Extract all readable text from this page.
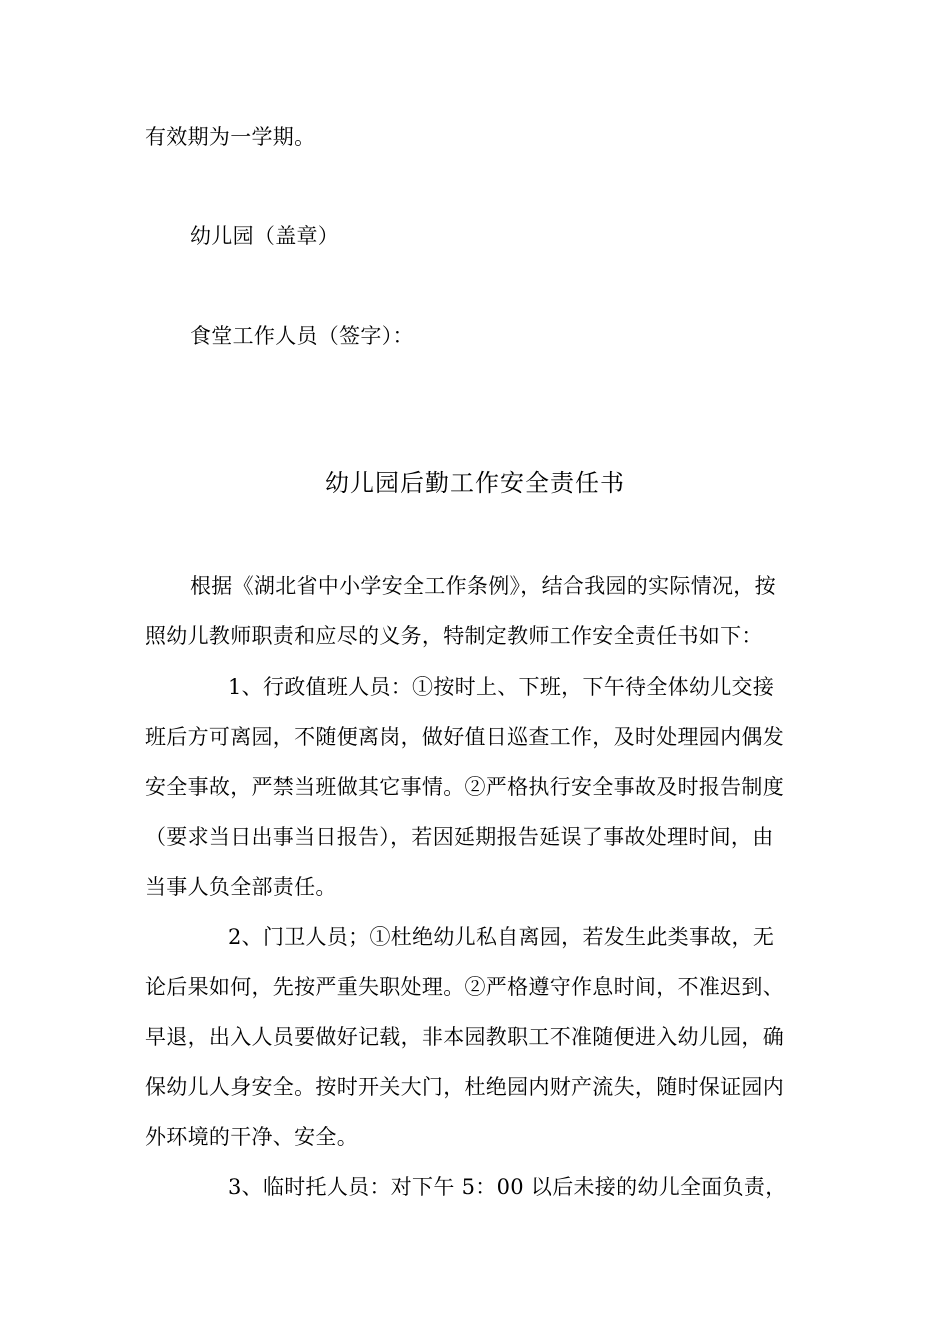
有效期为一学期。
幼儿园（盖章）
食堂工作人员（签字）：
幼儿园后勤工作安全责任书
根据《湖北省中小学安全工作条例》，结合我园的实际情况，按
照幼儿教师职责和应尽的义务，特制定教师工作安全责任书如下：
1、行政值班人员：①按时上、下班，下午待全体幼儿交接
班后方可离园，不随便离岗，做好值日巡查工作，及时处理园内偶发
安全事故，严禁当班做其它事情。②严格执行安全事故及时报告制度
（要求当日出事当日报告），若因延期报告延误了事故处理时间，由
当事人负全部责任。
2、门卫人员；①杜绝幼儿私自离园，若发生此类事故，无
论后果如何，先按严重失职处理。②严格遵守作息时间，不准迟到、
早退，出入人员要做好记载，非本园教职工不准随便进入幼儿园，确
保幼儿人身安全。按时开关大门，杜绝园内财产流失，随时保证园内
外环境的干净、安全。
3、临时托人员：对下午 5：00 以后未接的幼儿全面负责，
